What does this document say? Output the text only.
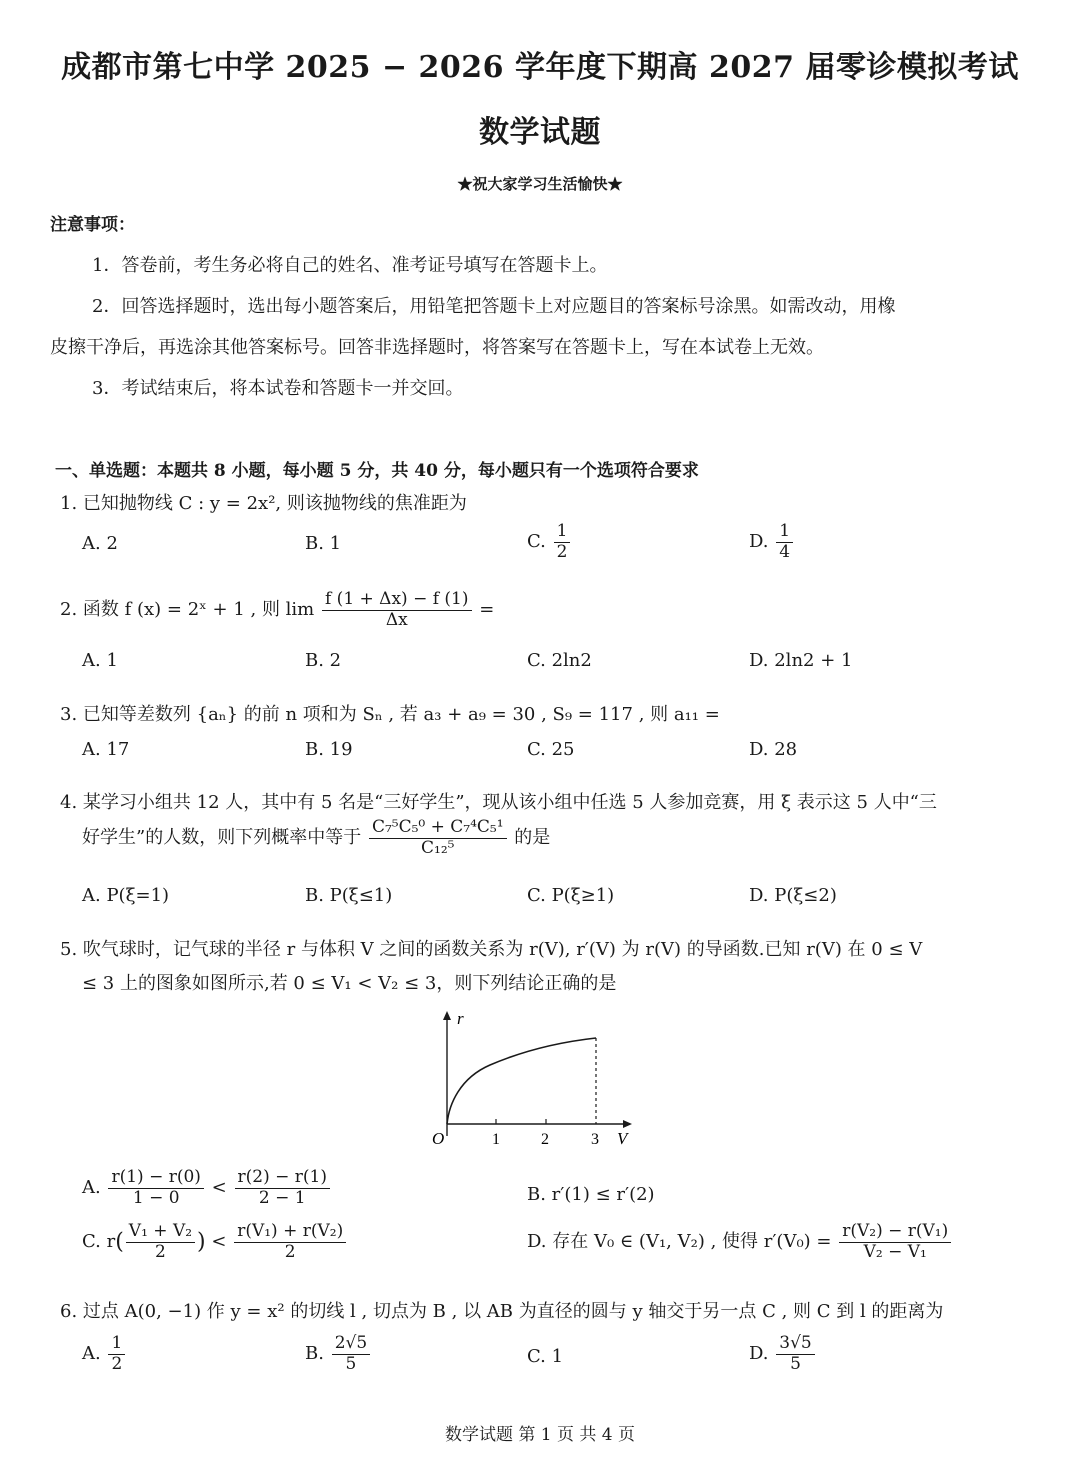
成都市第七中学 2025 − 2026 学年度下期高 2027 届零诊模拟考试
数学试题
★祝大家学习生活愉快★
注意事项：
1．答卷前，考生务必将自己的姓名、准考证号填写在答题卡上。
2．回答选择题时，选出每小题答案后，用铅笔把答题卡上对应题目的答案标号涂黑。如需改动，用橡
皮擦干净后，再选涂其他答案标号。回答非选择题时，将答案写在答题卡上，写在本试卷上无效。
3．考试结束后，将本试卷和答题卡一并交回。
一、单选题：本题共 8 小题，每小题 5 分，共 40 分，每小题只有一个选项符合要求
1. 已知抛物线 C : y = 2x², 则该抛物线的焦准距为
A. 2	B. 1	C. $\frac{1}{2}$	D. $\frac{1}{4}$
2. 函数 f (x) = 2ˣ + 1 , 则 $\lim \frac{f (1 + \Delta x) - f (1)}{\Delta x}$ =
A. 1	B. 2	C. 2ln2	D. 2ln2 + 1
3. 已知等差数列 {aₙ} 的前 n 项和为 Sₙ , 若 a₃ + a₉ = 30 , S₉ = 117 , 则 a₁₁ =
A. 17	B. 19	C. 25	D. 28
4. 某学习小组共 12 人，其中有 5 名是“三好学生”，现从该小组中任选 5 人参加竞赛，用 ξ 表示这 5 人中“三
好学生”的人数，则下列概率中等于 $\frac{\text{C₇⁵C₅⁰ + C₇⁴C₅¹}}{\text{C₁₂⁵}}$ 的是
A. P(ξ=1)	B. P(ξ≤1)	C. P(ξ≥1)	D. P(ξ≤2)
5. 吹气球时，记气球的半径 r 与体积 V 之间的函数关系为 r(V), r′(V) 为 r(V) 的导函数.已知 r(V) 在 0 ≤ V
≤ 3 上的图象如图所示,若 0 ≤ V₁ < V₂ ≤ 3，则下列结论正确的是
r
V
O	1	2	3
A. $\frac{r(1) - r(0)}{1 - 0} < \frac{r(2) - r(1)}{2 - 1}$	B. r′(1) ≤ r′(2)
C. $r( \frac{\text{V₁ + V₂}}{2}$ ) < $\frac{\text{r(V₁) + r(V₂)}}{2}$	D. 存在 V₀ ∈ (V₁, V₂) , 使得 $r'(V_0) = \frac{\text{r(V₂) − r(V₁)}}{\text{V₂ − V₁}}$
6. 过点 A(0, −1) 作 y = x² 的切线 l , 切点为 B , 以 AB 为直径的圆与 y 轴交于另一点 C , 则 C 到 l 的距离为
A. $\frac{1}{2}$	B. $\frac{2√5}{5}$	C. 1	D. $\frac{3√5}{5}$
数学试题 第 1 页 共 4 页
